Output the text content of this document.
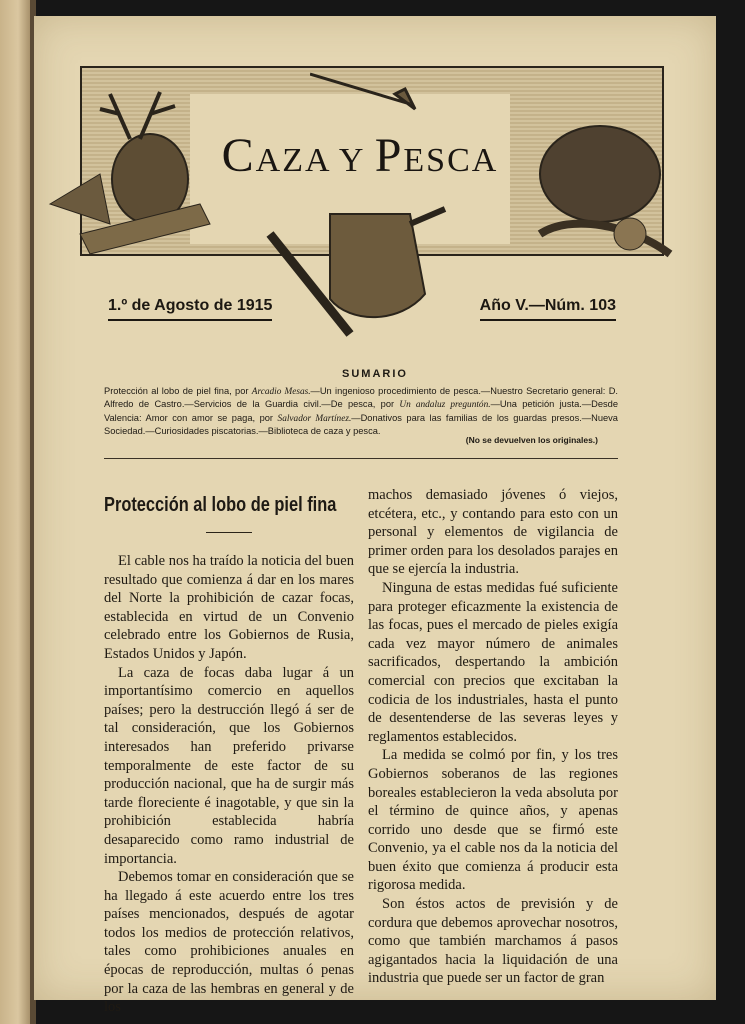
CAZA Y PESCA
1.º de Agosto de 1915	Año V.—Núm. 103
SUMARIO
Protección al lobo de piel fina, por Arcadio Mesas.—Un ingenioso procedimiento de pesca.—Nuestro Secretario general: D. Alfredo de Castro.—Servicios de la Guardia civil.—De pesca, por Un andaluz preguntón.—Una petición justa.—Desde Valencia: Amor con amor se paga, por Salvador Martínez.—Donativos para las familias de los guardas presos.—Nueva Sociedad.—Curiosidades piscatorias.—Biblioteca de caza y pesca.
(No se devuelven los originales.)
Protección al lobo de piel fina

El cable nos ha traído la noticia del buen resultado que comienza á dar en los mares del Norte la prohibición de cazar focas, establecida en virtud de un Convenio celebrado entre los Gobiernos de Rusia, Estados Unidos y Japón.

La caza de focas daba lugar á un importantísimo comercio en aquellos países; pero la destrucción llegó á ser de tal consideración, que los Gobiernos interesados han preferido privarse temporalmente de este factor de su producción nacional, que ha de surgir más tarde floreciente é inagotable, y que sin la prohibición establecida habría desaparecido como ramo industrial de importancia.

Debemos tomar en consideración que se ha llegado á este acuerdo entre los tres países mencionados, después de agotar todos los medios de protección relativos, tales como prohibiciones anuales en épocas de reproducción, multas ó penas por la caza de las hembras en general y de los

machos demasiado jóvenes ó viejos, etcétera, etc., y contando para esto con un personal y elementos de vigilancia de primer orden para los desolados parajes en que se ejercía la industria.

Ninguna de estas medidas fué suficiente para proteger eficazmente la existencia de las focas, pues el mercado de pieles exigía cada vez mayor número de animales sacrificados, despertando la ambición comercial con precios que excitaban la codicia de los industriales, hasta el punto de desentenderse de las severas leyes y reglamentos establecidos.

La medida se colmó por fin, y los tres Gobiernos soberanos de las regiones boreales establecieron la veda absoluta por el término de quince años, y apenas corrido uno desde que se firmó este Convenio, ya el cable nos da la noticia del buen éxito que comienza á producir esta rigorosa medida.

Son éstos actos de previsión y de cordura que debemos aprovechar nosotros, como que también marchamos á pasos agigantados hacia la liquidación de una industria que puede ser un factor de gran
